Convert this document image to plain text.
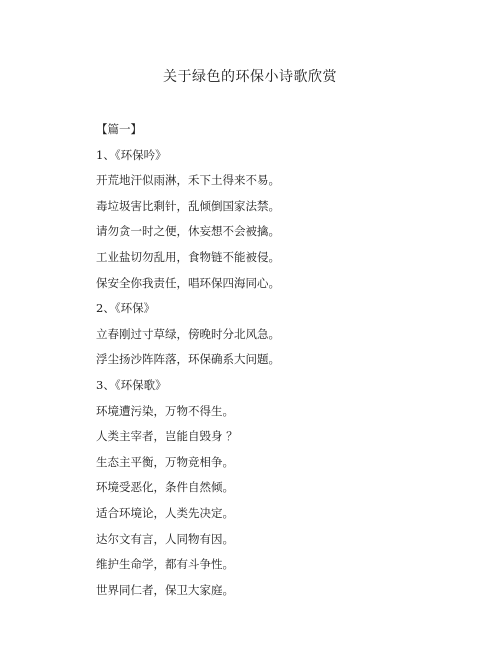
关于绿色的环保小诗歌欣赏
【篇一】
1、《环保吟》
开荒地汗似雨淋，禾下土得来不易。
毒垃圾害比剩针，乱倾倒国家法禁。
请勿贪一时之便，休妄想不会被擒。
工业盐切勿乱用，食物链不能被侵。
保安全你我责任，唱环保四海同心。
2、《环保》
立春刚过寸草绿，傍晚时分北风急。
浮尘扬沙阵阵落，环保确系大问题。
3、《环保歌》
环境遭污染，万物不得生。
人类主宰者，岂能自毁身 ？
生态主平衡，万物竞相争。
环境受恶化，条件自然倾。
适合环境论，人类先决定。
达尔文有言，人同物有因。
维护生命学，都有斗争性。
世界同仁者，保卫大家庭。
